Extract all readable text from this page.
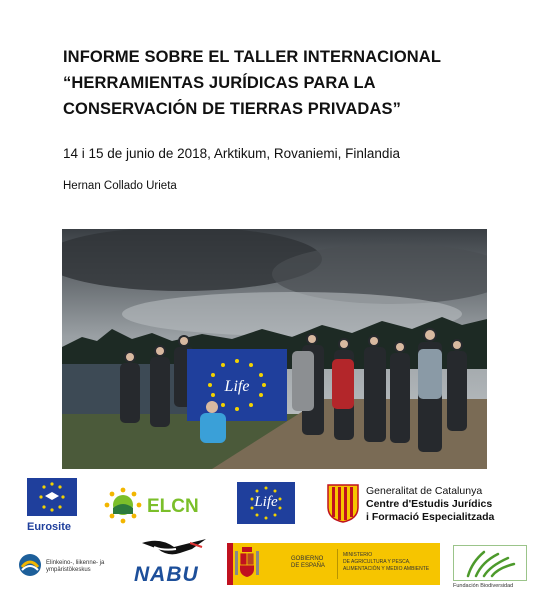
INFORME SOBRE EL TALLER INTERNACIONAL
“HERRAMIENTAS JURÍDICAS PARA LA
CONSERVACIÓN DE TIERRAS PRIVADAS”
14 i 15 de junio de 2018, Arktikum, Rovaniemi, Finlandia
Hernan Collado Urieta
Life
Eurosite
ELCN	Life
Generalitat de Catalunya
Centre d'Estudis Jurídics
i Formació Especialitzada
Elinkeino-, liikenne- ja
ympäristökeskus NABU
GOBIERNO
DE ESPAÑA
MINISTERIO
DE AGRICULTURA Y PESCA,
ALIMENTACIÓN Y MEDIO AMBIENTE
Fundación Biodiversidad
